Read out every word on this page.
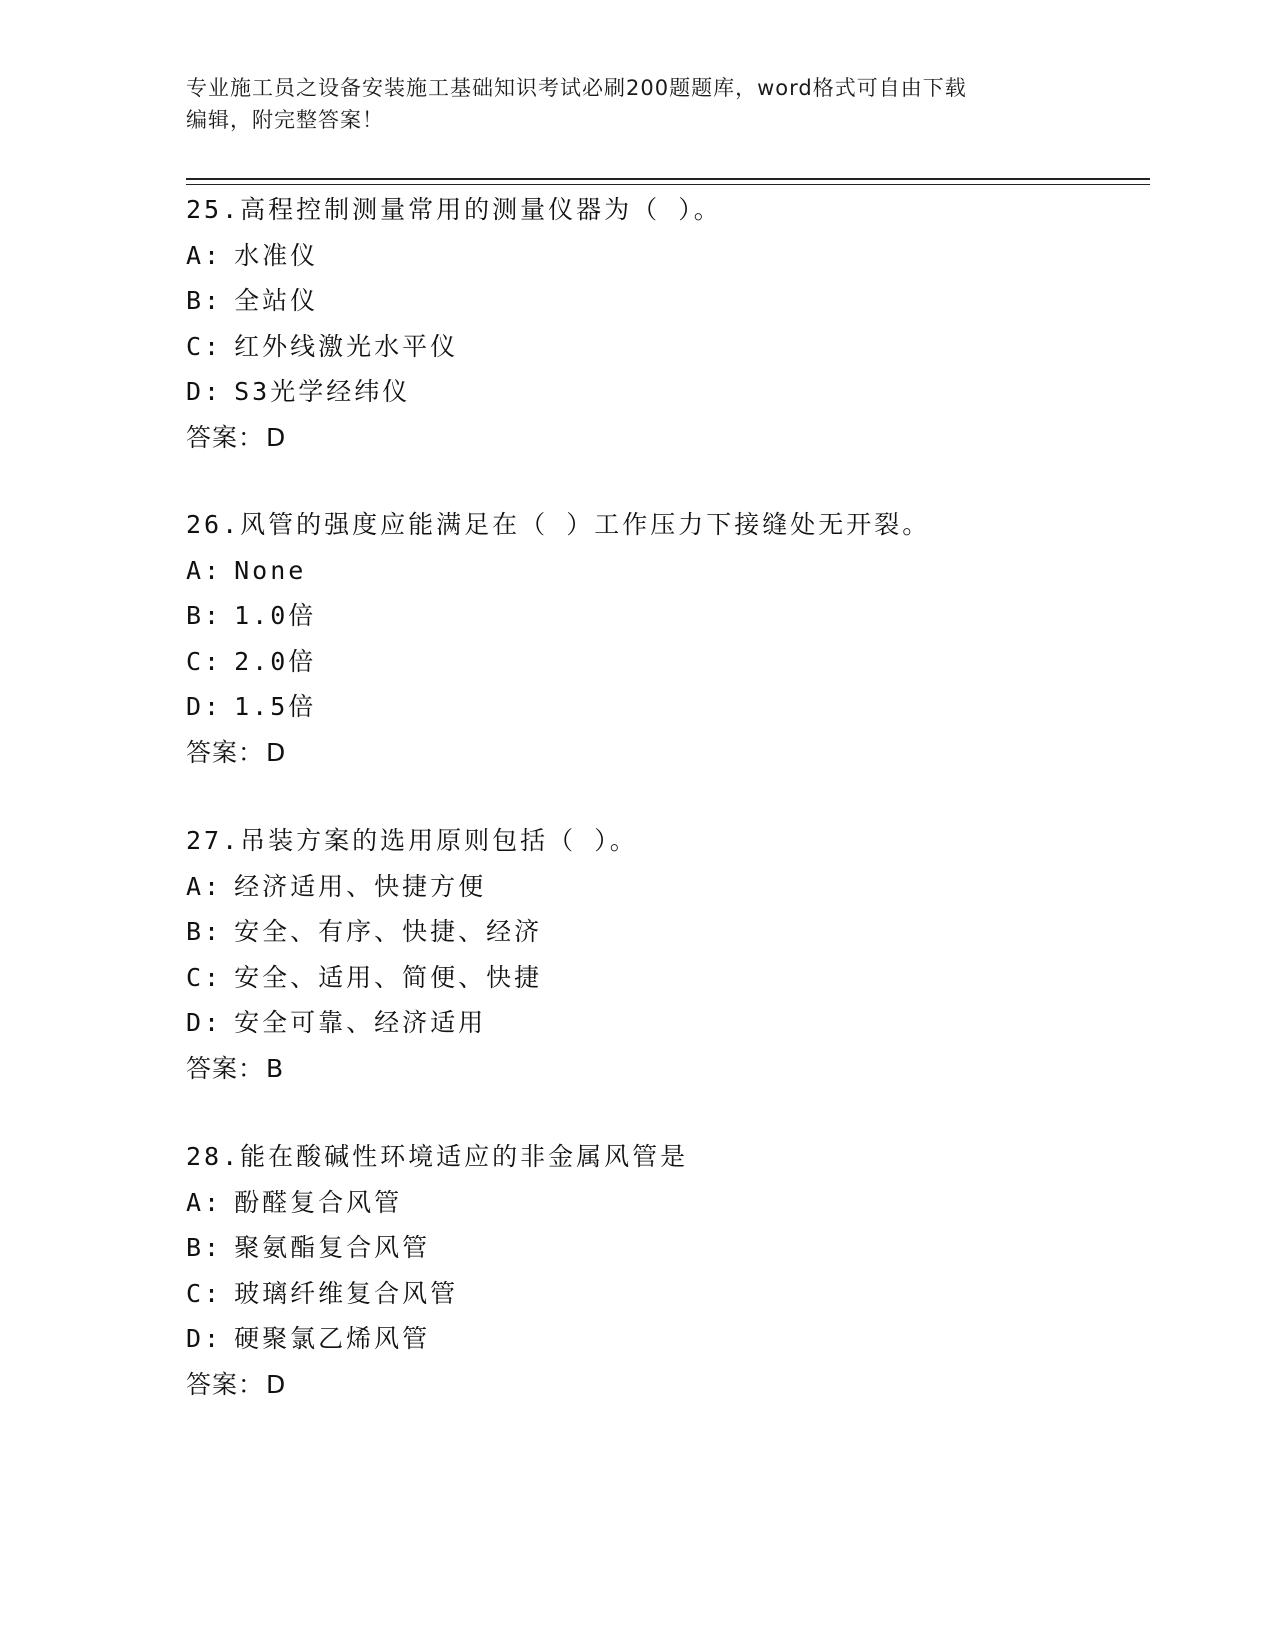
专业施工员之设备安装施工基础知识考试必刷200题题库，word格式可自由下载
编辑，附完整答案！
25.高程控制测量常用的测量仪器为（ ）。
A: 水准仪
B: 全站仪
C: 红外线激光水平仪
D: S3光学经纬仪
答案：D
26.风管的强度应能满足在（ ）工作压力下接缝处无开裂。
A: None
B: 1.0倍
C: 2.0倍
D: 1.5倍
答案：D
27.吊装方案的选用原则包括（ ）。
A: 经济适用、快捷方便
B: 安全、有序、快捷、经济
C: 安全、适用、简便、快捷
D: 安全可靠、经济适用
答案：B
28.能在酸碱性环境适应的非金属风管是
A: 酚醛复合风管
B: 聚氨酯复合风管
C: 玻璃纤维复合风管
D: 硬聚氯乙烯风管
答案：D
